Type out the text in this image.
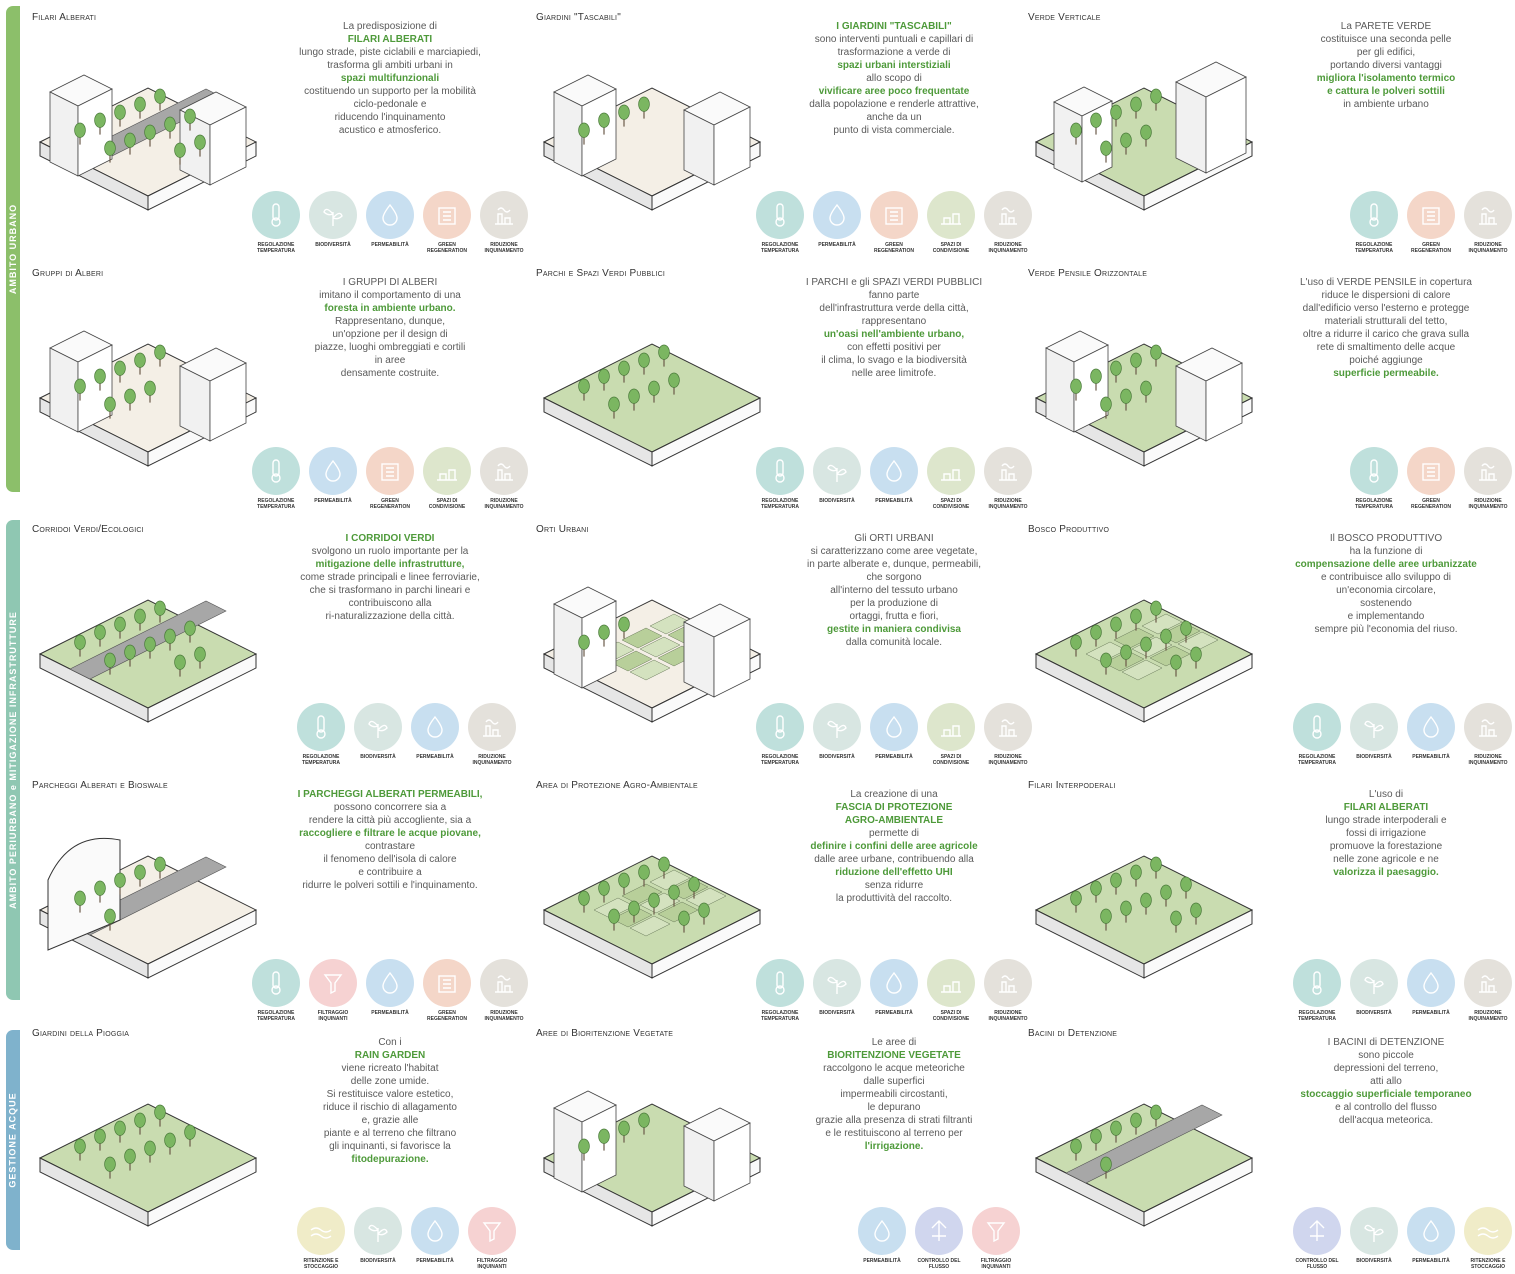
AMBITO URBANO
AMBITO PERIURBANO e MITIGAZIONE INFRASTRUTTURE
GESTIONE ACQUE
Filari Alberati
La predisposizione di
FILARI ALBERATI
lungo strade, piste ciclabili e marciapiedi,
trasforma gli ambiti urbani in
spazi multifunzionali
costituendo un supporto per la mobilità
ciclo-pedonale e
riducendo l'inquinamento
acustico e atmosferico.
REGOLAZIONE TEMPERATURA
BIODIVERSITÀ	PERMEABILITÀ	GREEN REGENERATION
RIDUZIONE INQUINAMENTO
Giardini "Tascabili"
I GIARDINI "TASCABILI"
sono interventi puntuali e capillari di
trasformazione a verde di
spazi urbani interstiziali
allo scopo di
vivificare aree poco frequentate
dalla popolazione e renderle attrattive,
anche da un
punto di vista commerciale.
REGOLAZIONE TEMPERATURA
PERMEABILITÀ	GREEN REGENERATION
SPAZI DI CONDIVISIONE
RIDUZIONE INQUINAMENTO
Verde Verticale
La PARETE VERDE
costituisce una seconda pelle
per gli edifici,
portando diversi vantaggi
migliora l'isolamento termico
e cattura le polveri sottili
in ambiente urbano
REGOLAZIONE TEMPERATURA
GREEN REGENERATION
RIDUZIONE INQUINAMENTO
Gruppi di Alberi
I GRUPPI DI ALBERI
imitano il comportamento di una
foresta in ambiente urbano.
Rappresentano, dunque,
un'opzione per il design di
piazze, luoghi ombreggiati e cortili
in aree
densamente costruite.
REGOLAZIONE TEMPERATURA
PERMEABILITÀ	GREEN REGENERATION
SPAZI DI CONDIVISIONE
RIDUZIONE INQUINAMENTO
Parchi e Spazi Verdi Pubblici
I PARCHI e gli SPAZI VERDI PUBBLICI
fanno parte
dell'infrastruttura verde della città,
rappresentano
un'oasi nell'ambiente urbano,
con effetti positivi per
il clima, lo svago e la biodiversità
nelle aree limitrofe.
REGOLAZIONE TEMPERATURA
BIODIVERSITÀ	PERMEABILITÀ	SPAZI DI CONDIVISIONE
RIDUZIONE INQUINAMENTO
Verde Pensile Orizzontale
L'uso di VERDE PENSILE in copertura
riduce le dispersioni di calore
dall'edificio verso l'esterno e protegge
materiali strutturali del tetto,
oltre a ridurre il carico che grava sulla
rete di smaltimento delle acque
poiché aggiunge
superficie permeabile.
REGOLAZIONE TEMPERATURA
GREEN REGENERATION
RIDUZIONE INQUINAMENTO
Corridoi Verdi/Ecologici
I CORRIDOI VERDI
svolgono un ruolo importante per la
mitigazione delle infrastrutture,
come strade principali e linee ferroviarie,
che si trasformano in parchi lineari e
contribuiscono alla
ri-naturalizzazione della città.
REGOLAZIONE TEMPERATURA
BIODIVERSITÀ	PERMEABILITÀ	RIDUZIONE INQUINAMENTO
Orti Urbani
Gli ORTI URBANI
si caratterizzano come aree vegetate,
in parte alberate e, dunque, permeabili,
che sorgono
all'interno del tessuto urbano
per la produzione di
ortaggi, frutta e fiori,
gestite in maniera condivisa
dalla comunità locale.
REGOLAZIONE TEMPERATURA
BIODIVERSITÀ	PERMEABILITÀ	SPAZI DI CONDIVISIONE
RIDUZIONE INQUINAMENTO
Bosco Produttivo
Il BOSCO PRODUTTIVO
ha la funzione di
compensazione delle aree urbanizzate
e contribuisce allo sviluppo di
un'economia circolare,
sostenendo
e implementando
sempre più l'economia del riuso.
REGOLAZIONE TEMPERATURA
BIODIVERSITÀ	PERMEABILITÀ	RIDUZIONE INQUINAMENTO
Parcheggi Alberati e Bioswale
I PARCHEGGI ALBERATI PERMEABILI,
possono concorrere sia a
rendere la città più accogliente, sia a
raccogliere e filtrare le acque piovane,
contrastare
il fenomeno dell'isola di calore
e contribuire a
ridurre le polveri sottili e l'inquinamento.
REGOLAZIONE TEMPERATURA
FILTRAGGIO INQUINANTI
PERMEABILITÀ	GREEN REGENERATION
RIDUZIONE INQUINAMENTO
Area di Protezione Agro-Ambientale
La creazione di una
FASCIA DI PROTEZIONE
AGRO-AMBIENTALE
permette di
definire i confini delle aree agricole
dalle aree urbane, contribuendo alla
riduzione dell'effetto UHI
senza ridurre
la produttività del raccolto.
REGOLAZIONE TEMPERATURA
BIODIVERSITÀ	PERMEABILITÀ	SPAZI DI CONDIVISIONE
RIDUZIONE INQUINAMENTO
Filari Interpoderali
L'uso di
FILARI ALBERATI
lungo strade interpoderali e
fossi di irrigazione
promuove la forestazione
nelle zone agricole e ne
valorizza il paesaggio.
REGOLAZIONE TEMPERATURA
BIODIVERSITÀ	PERMEABILITÀ	RIDUZIONE INQUINAMENTO
Giardini della Pioggia
Con i
RAIN GARDEN
viene ricreato l'habitat
delle zone umide.
Si restituisce valore estetico,
riduce il rischio di allagamento
e, grazie alle
piante e al terreno che filtrano
gli inquinanti, si favorisce la
fitodepurazione.
RITENZIONE E STOCCAGGIO
BIODIVERSITÀ	PERMEABILITÀ	FILTRAGGIO INQUINANTI
Aree di Bioritenzione Vegetate
Le aree di
BIORITENZIONE VEGETATE
raccolgono le acque meteoriche
dalle superfici
impermeabili circostanti,
le depurano
grazie alla presenza di strati filtranti
e le restituiscono al terreno per
l'irrigazione.
PERMEABILITÀ	CONTROLLO DEL FLUSSO
FILTRAGGIO INQUINANTI
Bacini di Detenzione
I BACINI di DETENZIONE
sono piccole
depressioni del terreno,
atti allo
stoccaggio superficiale temporaneo
e al controllo del flusso
dell'acqua meteorica.
CONTROLLO DEL FLUSSO
BIODIVERSITÀ	PERMEABILITÀ	RITENZIONE E STOCCAGGIO
